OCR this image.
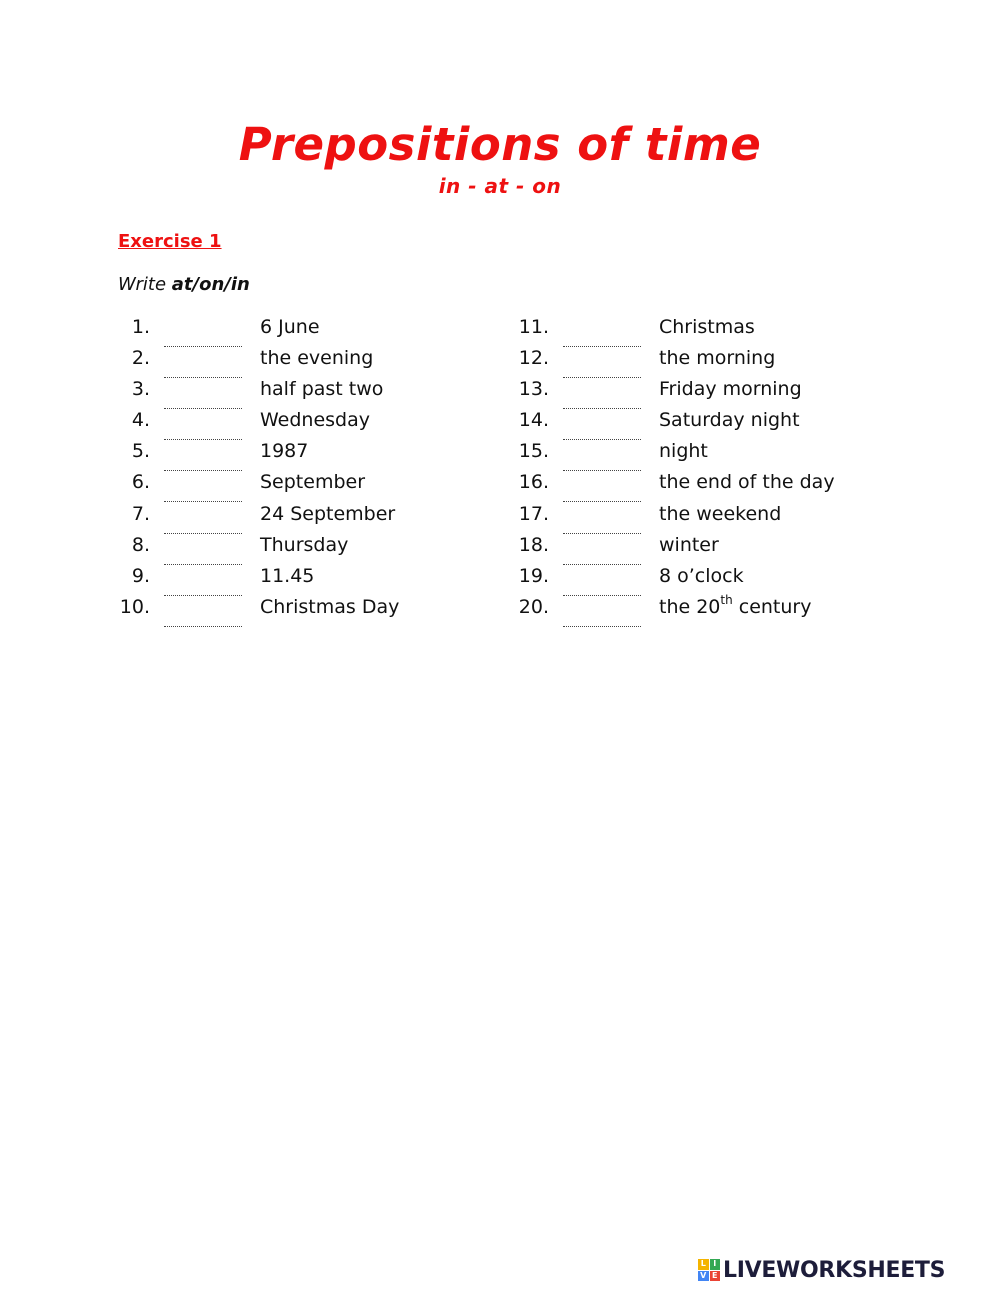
Prepositions of time
in - at - on
Exercise 1
Write at/on/in
1.	6 June
2.	the evening
3.	half past two
4.	Wednesday
5.	1987
6.	September
7.	24 September
8.	Thursday
9.	11.45
10.	Christmas Day
11.	Christmas
12.	the morning
13.	Friday morning
14.	Saturday night
15.	night
16.	the end of the day
17.	the weekend
18.	winter
19.	8 o’clock
20.	the 20th century
L I
V E LIVEWORKSHEETS
